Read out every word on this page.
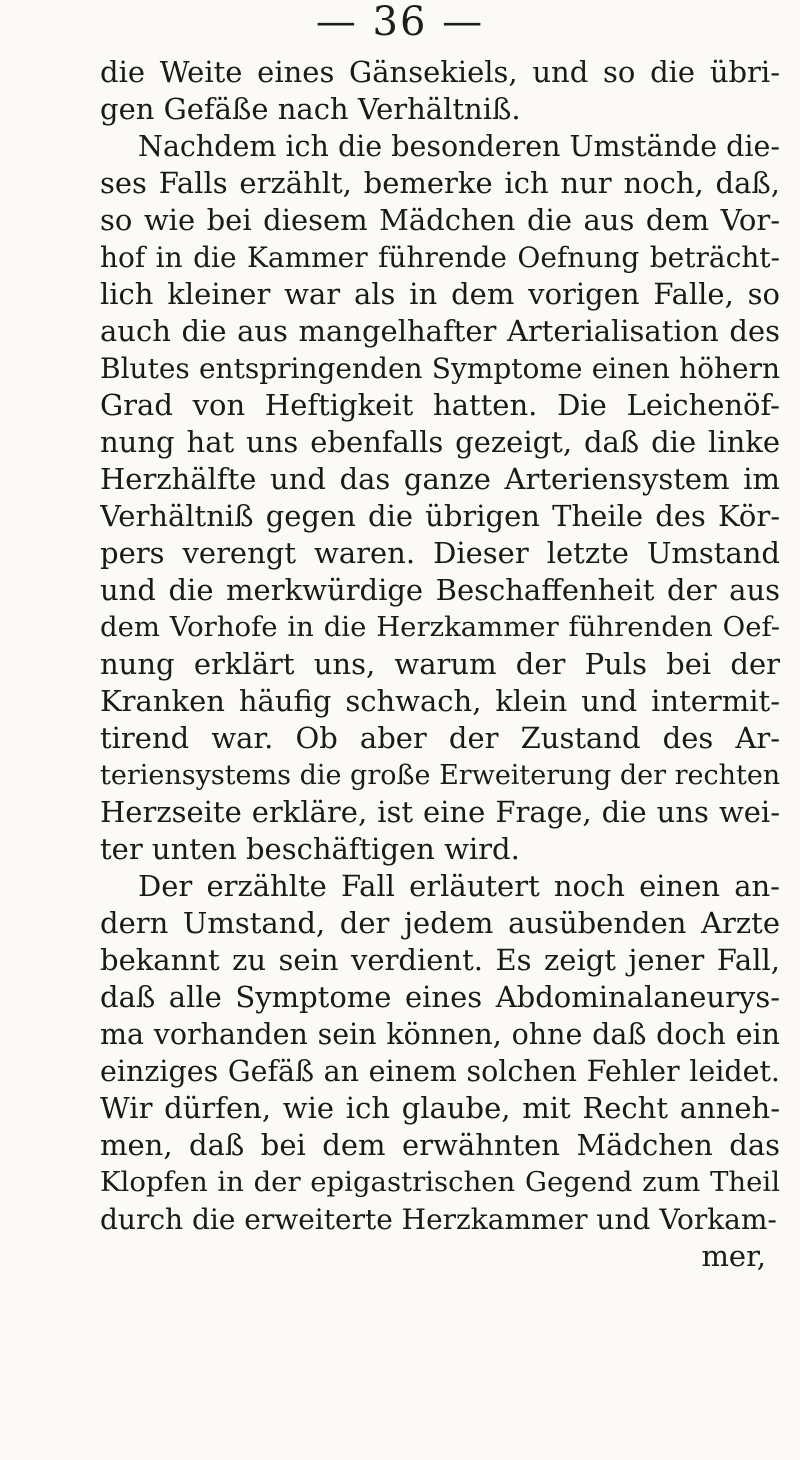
— 36 —
die Weite eines Gänsekiels, und so die übri-
gen Gefäße nach Verhältniß.
Nachdem ich die besonderen Umstände die-
ses Falls erzählt, bemerke ich nur noch, daß,
so wie bei diesem Mädchen die aus dem Vor-
hof in die Kammer führende Oefnung beträcht-
lich kleiner war als in dem vorigen Falle, so
auch die aus mangelhafter Arterialisation des
Blutes entspringenden Symptome einen höhern
Grad von Heftigkeit hatten. Die Leichenöf-
nung hat uns ebenfalls gezeigt, daß die linke
Herzhälfte und das ganze Arteriensystem im
Verhältniß gegen die übrigen Theile des Kör-
pers verengt waren. Dieser letzte Umstand
und die merkwürdige Beschaffenheit der aus
dem Vorhofe in die Herzkammer führenden Oef-
nung erklärt uns, warum der Puls bei der
Kranken häufig schwach, klein und intermit-
tirend war. Ob aber der Zustand des Ar-
teriensystems die große Erweiterung der rechten
Herzseite erkläre, ist eine Frage, die uns wei-
ter unten beschäftigen wird.
Der erzählte Fall erläutert noch einen an-
dern Umstand, der jedem ausübenden Arzte
bekannt zu sein verdient. Es zeigt jener Fall,
daß alle Symptome eines Abdominalaneurys-
ma vorhanden sein können, ohne daß doch ein
einziges Gefäß an einem solchen Fehler leidet.
Wir dürfen, wie ich glaube, mit Recht anneh-
men, daß bei dem erwähnten Mädchen das
Klopfen in der epigastrischen Gegend zum Theil
durch die erweiterte Herzkammer und Vorkam-
mer,
